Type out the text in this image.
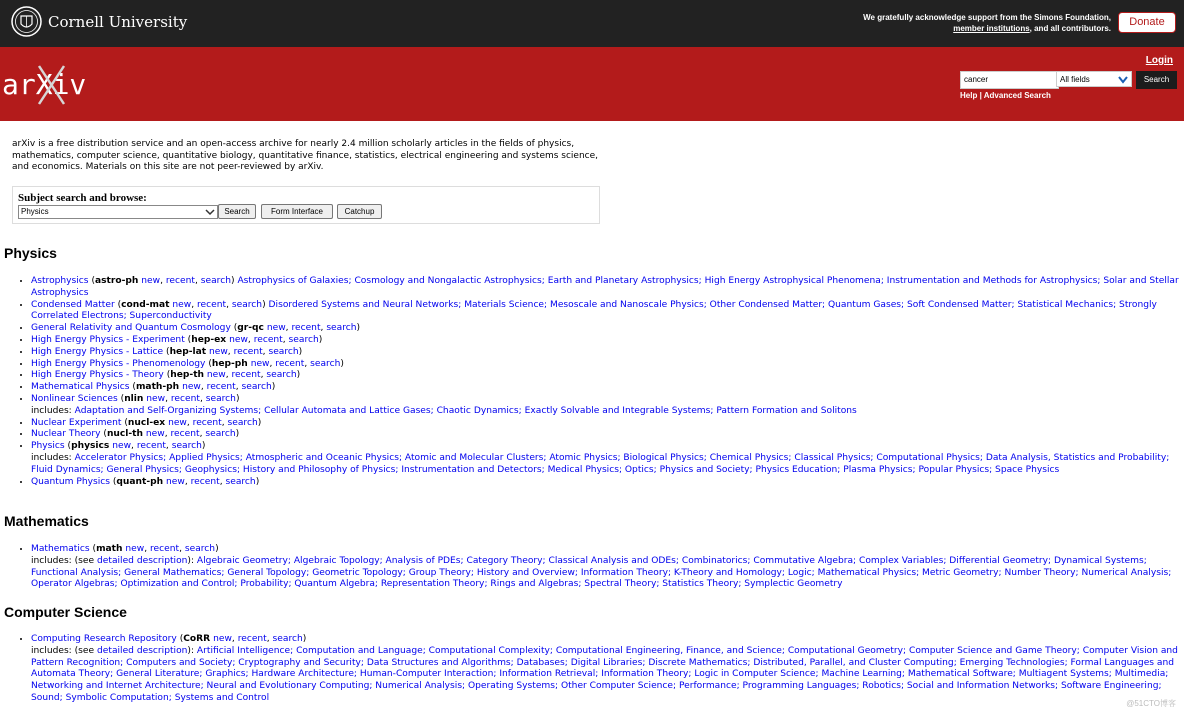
Cornell University	We gratefully acknowledge support from the Simons Foundation,
member institutions, and all contributors.
Donate
arXiv
Login
cancer	All fields	Search
Help | Advanced Search
arXiv is a free distribution service and an open-access archive for nearly 2.4 million scholarly articles in the fields of physics, mathematics, computer science, quantitative biology, quantitative finance, statistics, electrical engineering and systems science, and economics. Materials on this site are not peer-reviewed by arXiv.
Subject search and browse:
Physics	Search	Form Interface	Catchup
Physics
• Astrophysics (astro-ph new, recent, search) Astrophysics of Galaxies; Cosmology and Nongalactic Astrophysics; Earth and Planetary Astrophysics; High Energy Astrophysical Phenomena; Instrumentation and Methods for Astrophysics; Solar and Stellar Astrophysics
• Condensed Matter (cond-mat new, recent, search) Disordered Systems and Neural Networks; Materials Science; Mesoscale and Nanoscale Physics; Other Condensed Matter; Quantum Gases; Soft Condensed Matter; Statistical Mechanics; Strongly Correlated Electrons; Superconductivity
• General Relativity and Quantum Cosmology (gr-qc new, recent, search)
• High Energy Physics - Experiment (hep-ex new, recent, search)
• High Energy Physics - Lattice (hep-lat new, recent, search)
• High Energy Physics - Phenomenology (hep-ph new, recent, search)
• High Energy Physics - Theory (hep-th new, recent, search)
• Mathematical Physics (math-ph new, recent, search)
• Nonlinear Sciences (nlin new, recent, search)
includes: Adaptation and Self-Organizing Systems; Cellular Automata and Lattice Gases; Chaotic Dynamics; Exactly Solvable and Integrable Systems; Pattern Formation and Solitons
• Nuclear Experiment (nucl-ex new, recent, search)
• Nuclear Theory (nucl-th new, recent, search)
• Physics (physics new, recent, search)
includes: Accelerator Physics; Applied Physics; Atmospheric and Oceanic Physics; Atomic and Molecular Clusters; Atomic Physics; Biological Physics; Chemical Physics; Classical Physics; Computational Physics; Data Analysis, Statistics and Probability; Fluid Dynamics; General Physics; Geophysics; History and Philosophy of Physics; Instrumentation and Detectors; Medical Physics; Optics; Physics and Society; Physics Education; Plasma Physics; Popular Physics; Space Physics
• Quantum Physics (quant-ph new, recent, search)
Mathematics
• Mathematics (math new, recent, search)
includes: (see detailed description): Algebraic Geometry; Algebraic Topology; Analysis of PDEs; Category Theory; Classical Analysis and ODEs; Combinatorics; Commutative Algebra; Complex Variables; Differential Geometry; Dynamical Systems; Functional Analysis; General Mathematics; General Topology; Geometric Topology; Group Theory; History and Overview; Information Theory; K-Theory and Homology; Logic; Mathematical Physics; Metric Geometry; Number Theory; Numerical Analysis; Operator Algebras; Optimization and Control; Probability; Quantum Algebra; Representation Theory; Rings and Algebras; Spectral Theory; Statistics Theory; Symplectic Geometry
Computer Science
• Computing Research Repository (CoRR new, recent, search)
includes: (see detailed description): Artificial Intelligence; Computation and Language; Computational Complexity; Computational Engineering, Finance, and Science; Computational Geometry; Computer Science and Game Theory; Computer Vision and Pattern Recognition; Computers and Society; Cryptography and Security; Data Structures and Algorithms; Databases; Digital Libraries; Discrete Mathematics; Distributed, Parallel, and Cluster Computing; Emerging Technologies; Formal Languages and Automata Theory; General Literature; Graphics; Hardware Architecture; Human-Computer Interaction; Information Retrieval; Information Theory; Logic in Computer Science; Machine Learning; Mathematical Software; Multiagent Systems; Multimedia; Networking and Internet Architecture; Neural and Evolutionary Computing; Numerical Analysis; Operating Systems; Other Computer Science; Performance; Programming Languages; Robotics; Social and Information Networks; Software Engineering; Sound; Symbolic Computation; Systems and Control
@51CTO博客
